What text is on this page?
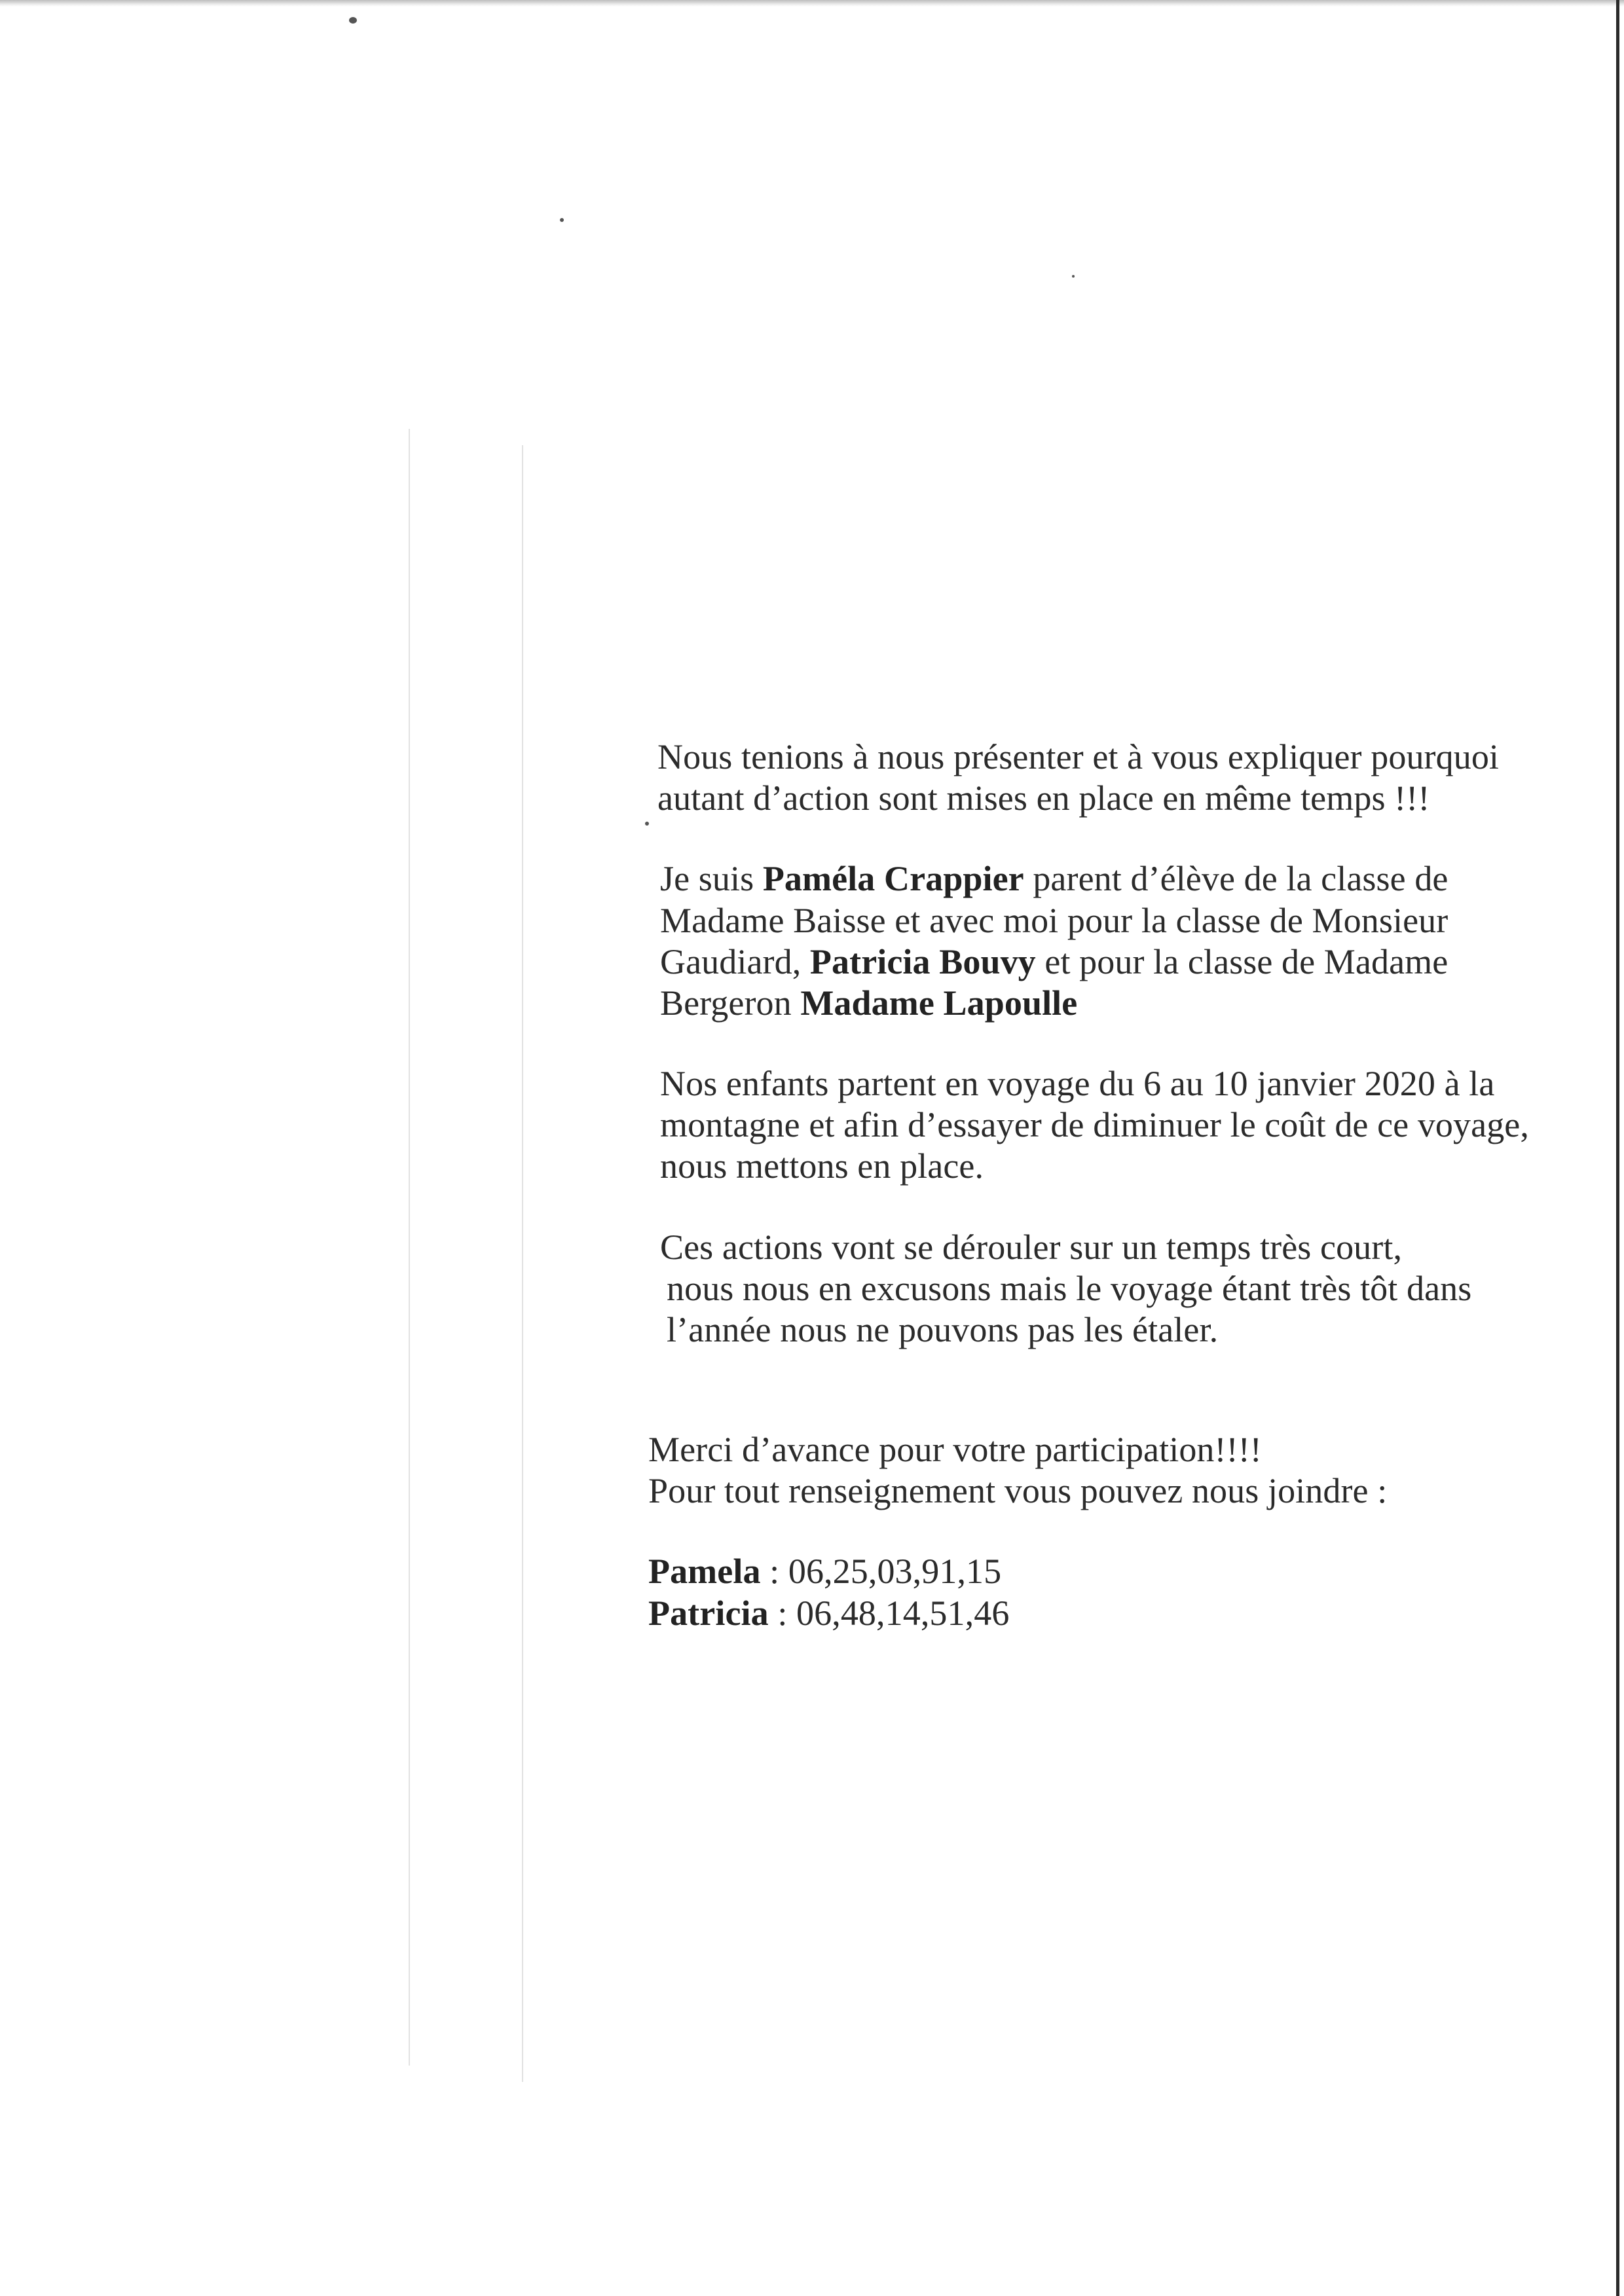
Nous tenions à nous présenter et à vous expliquer pourquoi
autant d’action sont mises en place en même temps !!!

Je suis Paméla Crappier parent d’élève de la classe de
Madame Baisse et avec moi pour la classe de Monsieur
Gaudiard, Patricia Bouvy et pour la classe de Madame
Bergeron Madame Lapoulle

Nos enfants partent en voyage du 6 au 10 janvier 2020 à la
montagne et afin d’essayer de diminuer le coût de ce voyage,
nous mettons en place.

Ces actions vont se dérouler sur un temps très court,
nous nous en excusons mais le voyage étant très tôt dans
l’année nous ne pouvons pas les étaler.

Merci d’avance pour votre participation!!!!
Pour tout renseignement vous pouvez nous joindre :

Pamela : 06,25,03,91,15
Patricia : 06,48,14,51,46
